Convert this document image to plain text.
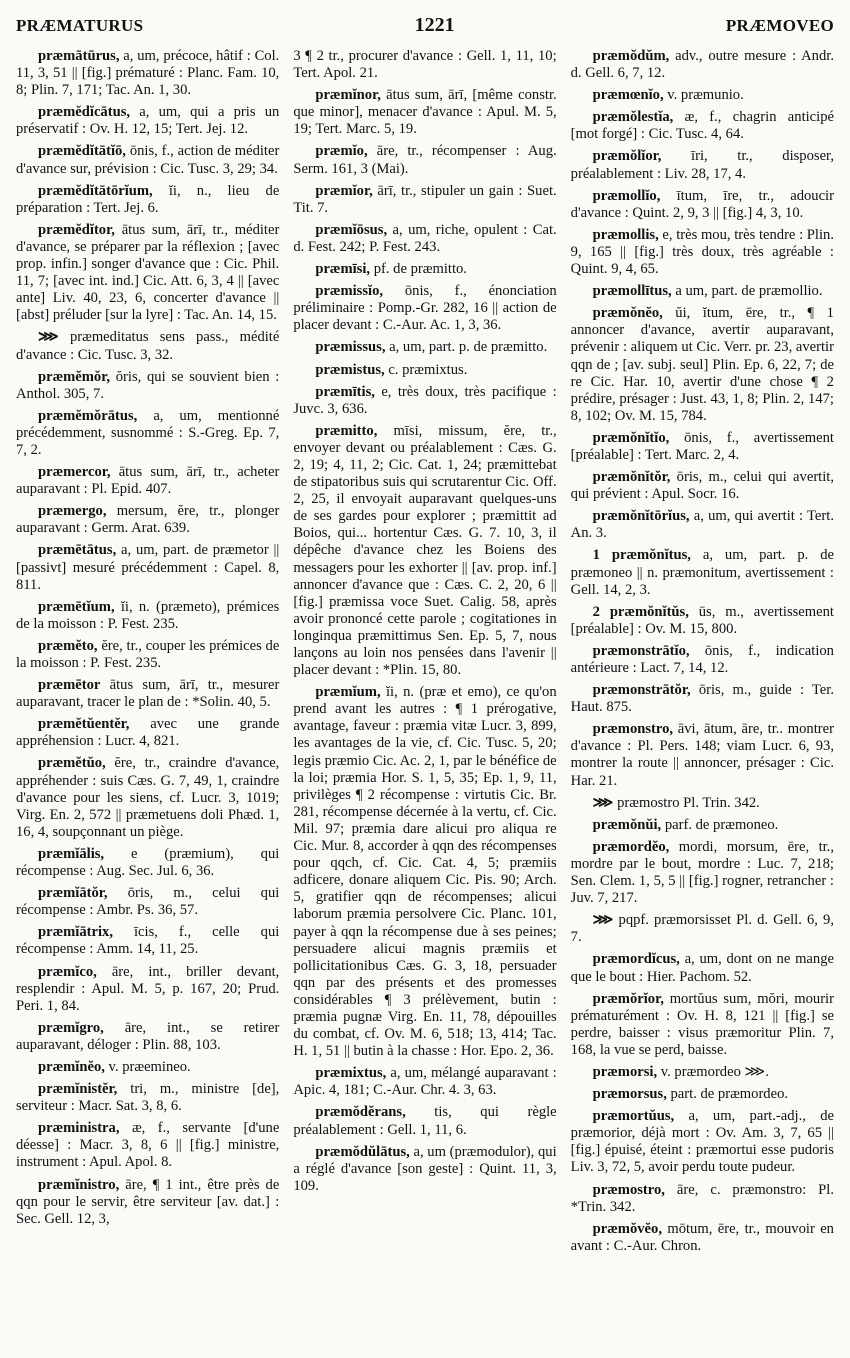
PRÆMATURUS	1221	PRÆMOVEO

præmātūrus, a, um, précoce, hâtif : Col. 11, 3, 51 || [fig.] prématuré : Planc. Fam. 10, 8; Plin. 7, 171; Tac. An. 1, 30.

præmĕdĭcātus, a, um, qui a pris un préservatif : Ov. H. 12, 15; Tert. Jej. 12.

præmĕdĭtātĭō, ōnis, f., action de méditer d'avance sur, prévision : Cic. Tusc. 3, 29; 34.

præmĕdĭtātōrĭum, ĭi, n., lieu de préparation : Tert. Jej. 6.

præmĕdĭtor, ātus sum, ārī, tr., méditer d'avance, se préparer par la réflexion ; [avec prop. infin.] songer d'avance que : Cic. Phil. 11, 7; [avec int. ind.] Cic. Att. 6, 3, 4 || [avec ante] Liv. 40, 23, 6, concerter d'avance || [abst] préluder [sur la lyre] : Tac. An. 14, 15.

⋙ præmeditatus sens pass., médité d'avance : Cic. Tusc. 3, 32.

præmĕmŏr, ŏris, qui se souvient bien : Anthol. 305, 7.

præmĕmŏrātus, a, um, mentionné précédemment, susnommé : S.-Greg. Ep. 7, 7, 2.

præmercor, ātus sum, ārī, tr., acheter auparavant : Pl. Epid. 407.

præmergo, mersum, ĕre, tr., plonger auparavant : Germ. Arat. 639.

præmētātus, a, um, part. de præmetor || [passivt] mesuré précédemment : Capel. 8, 811.

præmētĭum, ĭi, n. (præmeto), prémices de la moisson : P. Fest. 235.

præmĕto, ĕre, tr., couper les prémices de la moisson : P. Fest. 235.

præmētor ātus sum, ārī, tr., mesurer auparavant, tracer le plan de : *Solin. 40, 5.

præmĕtŭentĕr, avec une grande appréhension : Lucr. 4, 821.

præmĕtŭo, ĕre, tr., craindre d'avance, appréhender : suis Cæs. G. 7, 49, 1, craindre d'avance pour les siens, cf. Lucr. 3, 1019; Virg. En. 2, 572 || præmetuens doli Phæd. 1, 16, 4, soupçonnant un piège.

præmĭālis, e (præmium), qui récompense : Aug. Sec. Jul. 6, 36.

præmĭātŏr, ōris, m., celui qui récompense : Ambr. Ps. 36, 57.

præmĭātrix, īcis, f., celle qui récompense : Amm. 14, 11, 25.

præmĭco, āre, int., briller devant, resplendir : Apul. M. 5, p. 167, 20; Prud. Peri. 1, 84.

præmĭgro, āre, int., se retirer auparavant, déloger : Plin. 88, 103.

præmĭnĕo, v. præemineo.

præmĭnistĕr, tri, m., ministre [de], serviteur : Macr. Sat. 3, 8, 6.

præministra, æ, f., servante [d'une déesse] : Macr. 3, 8, 6 || [fig.] ministre, instrument : Apul. Apol. 8.

præmĭnistro, āre, ¶ 1 int., être près de qqn pour le servir, être serviteur [av. dat.] : Sec. Gell. 12, 3,

3 ¶ 2 tr., procurer d'avance : Gell. 1, 11, 10; Tert. Apol. 21.

præmĭnor, ātus sum, ārī, [même constr. que minor], menacer d'avance : Apul. M. 5, 19; Tert. Marc. 5, 19.

præmĭo, āre, tr., récompenser : Aug. Serm. 161, 3 (Mai).

præmĭor, ārī, tr., stipuler un gain : Suet. Tit. 7.

præmĭōsus, a, um, riche, opulent : Cat. d. Fest. 242; P. Fest. 243.

præmīsi, pf. de præmitto.

præmissĭo, ōnis, f., énonciation préliminaire : Pomp.-Gr. 282, 16 || action de placer devant : C.-Aur. Ac. 1, 3, 36.

præmissus, a, um, part. p. de præmitto.

præmistus, c. præmixtus.

præmītis, e, très doux, très pacifique : Juvc. 3, 636.

præmitto, mīsi, missum, ĕre, tr., envoyer devant ou préalablement : Cæs. G. 2, 19; 4, 11, 2; Cic. Cat. 1, 24; præmittebat de stipatoribus suis qui scrutarentur Cic. Off. 2, 25, il envoyait auparavant quelques-uns de ses gardes pour explorer ; præmittit ad Boios, qui... hortentur Cæs. G. 7. 10, 3, il dépêche d'avance chez les Boiens des messagers pour les exhorter || [av. prop. inf.] annoncer d'avance que : Cæs. C. 2, 20, 6 || [fig.] præmissa voce Suet. Calig. 58, après avoir prononcé cette parole ; cogitationes in longinqua præmittimus Sen. Ep. 5, 7, nous lançons au loin nos pensées dans l'avenir || placer devant : *Plin. 15, 80.

præmĭum, ĭi, n. (præ et emo), ce qu'on prend avant les autres : ¶ 1 prérogative, avantage, faveur : præmia vitæ Lucr. 3, 899, les avantages de la vie, cf. Cic. Tusc. 5, 20; legis præmio Cic. Ac. 2, 1, par le bénéfice de la loi; præmia Hor. S. 1, 5, 35; Ep. 1, 9, 11, privilèges ¶ 2 récompense : virtutis Cic. Br. 281, récompense décernée à la vertu, cf. Cic. Mil. 97; præmia dare alicui pro aliqua re Cic. Mur. 8, accorder à qqn des récompenses pour qqch, cf. Cic. Cat. 4, 5; præmiis adficere, donare aliquem Cic. Pis. 90; Arch. 5, gratifier qqn de récompenses; alicui laborum præmia persolvere Cic. Planc. 101, payer à qqn la récompense due à ses peines; persuadere alicui magnis præmiis et pollicitationibus Cæs. G. 3, 18, persuader qqn par des présents et des promesses considérables ¶ 3 prélèvement, butin : præmia pugnæ Virg. En. 11, 78, dépouilles du combat, cf. Ov. M. 6, 518; 13, 414; Tac. H. 1, 51 || butin à la chasse : Hor. Epo. 2, 36.

præmixtus, a, um, mélangé auparavant : Apic. 4, 181; C.-Aur. Chr. 4. 3, 63.

præmŏdĕrans, tis, qui règle préalablement : Gell. 1, 11, 6.

præmŏdŭlātus, a, um (præmodulor), qui a réglé d'avance [son geste] : Quint. 11, 3, 109.

præmŏdŭm, adv., outre mesure : Andr. d. Gell. 6, 7, 12.

præmœnĭo, v. præmunio.

præmŏlestĭa, æ, f., chagrin anticipé [mot forgé] : Cic. Tusc. 4, 64.

præmŏlĭor, īri, tr., disposer, préalablement : Liv. 28, 17, 4.

præmollĭo, ītum, īre, tr., adoucir d'avance : Quint. 2, 9, 3 || [fig.] 4, 3, 10.

præmollis, e, très mou, très tendre : Plin. 9, 165 || [fig.] très doux, très agréable : Quint. 9, 4, 65.

præmollītus, a um, part. de præmollio.

præmŏnĕo, ŭi, ĭtum, ēre, tr., ¶ 1 annoncer d'avance, avertir auparavant, prévenir : aliquem ut Cic. Verr. pr. 23, avertir qqn de ; [av. subj. seul] Plin. Ep. 6, 22, 7; de re Cic. Har. 10, avertir d'une chose ¶ 2 prédire, présager : Just. 43, 1, 8; Plin. 2, 147; 8, 102; Ov. M. 15, 784.

præmŏnĭtĭo, ōnis, f., avertissement [préalable] : Tert. Marc. 2, 4.

præmŏnĭtŏr, ōris, m., celui qui avertit, qui prévient : Apul. Socr. 16.

præmŏnĭtōrĭus, a, um, qui avertit : Tert. An. 3.

1 præmŏnĭtus, a, um, part. p. de præmoneo || n. præmonitum, avertissement : Gell. 14, 2, 3.

2 præmŏnĭtŭs, ūs, m., avertissement [préalable] : Ov. M. 15, 800.

præmonstrātĭo, ōnis, f., indication antérieure : Lact. 7, 14, 12.

præmonstrātŏr, ōris, m., guide : Ter. Haut. 875.

præmonstro, āvi, ātum, āre, tr.. montrer d'avance : Pl. Pers. 148; viam Lucr. 6, 93, montrer la route || annoncer, présager : Cic. Har. 21.

⋙ præmostro Pl. Trin. 342.

præmŏnŭi, parf. de præmoneo.

præmordĕo, mordi, morsum, ēre, tr., mordre par le bout, mordre : Luc. 7, 218; Sen. Clem. 1, 5, 5 || [fig.] rogner, retrancher : Juv. 7, 217.

⋙ pqpf. præmorsisset Pl. d. Gell. 6, 9, 7.

præmordĭcus, a, um, dont on ne mange que le bout : Hier. Pachom. 52.

præmŏrĭor, mortŭus sum, mŏri, mourir prématurément : Ov. H. 8, 121 || [fig.] se perdre, baisser : visus præmoritur Plin. 7, 168, la vue se perd, baisse.

præmorsi, v. præmordeo ⋙.

præmorsus, part. de præmordeo.

præmortŭus, a, um, part.-adj., de præmorior, déjà mort : Ov. Am. 3, 7, 65 || [fig.] épuisé, éteint : præmortui esse pudoris Liv. 3, 72, 5, avoir perdu toute pudeur.

præmostro, āre, c. præmonstro: Pl. *Trin. 342.

præmŏvĕo, mōtum, ēre, tr., mouvoir en avant : C.-Aur. Chron.
